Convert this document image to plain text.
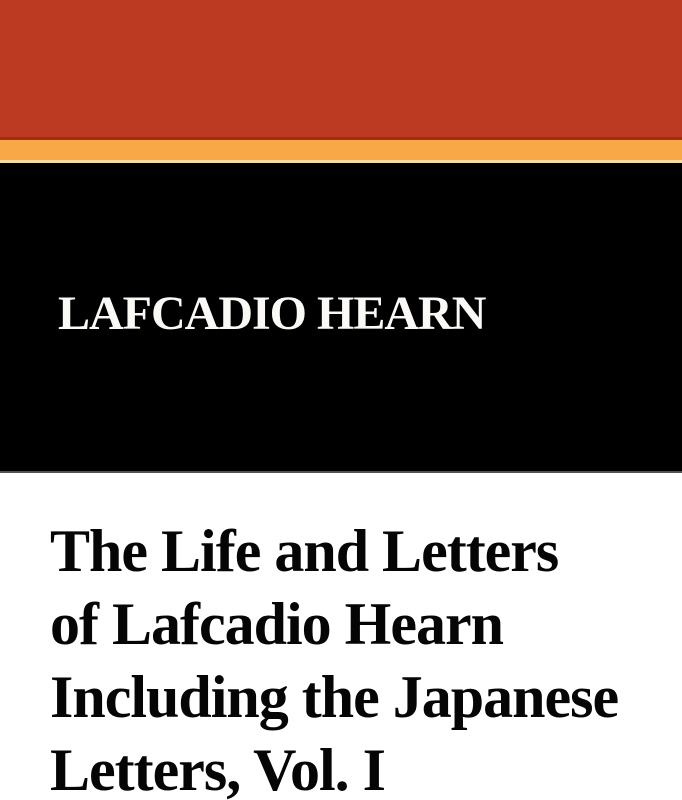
LAFCADIO HEARN
The Life and Letters
of Lafcadio Hearn
Including the Japanese
Letters, Vol. I
